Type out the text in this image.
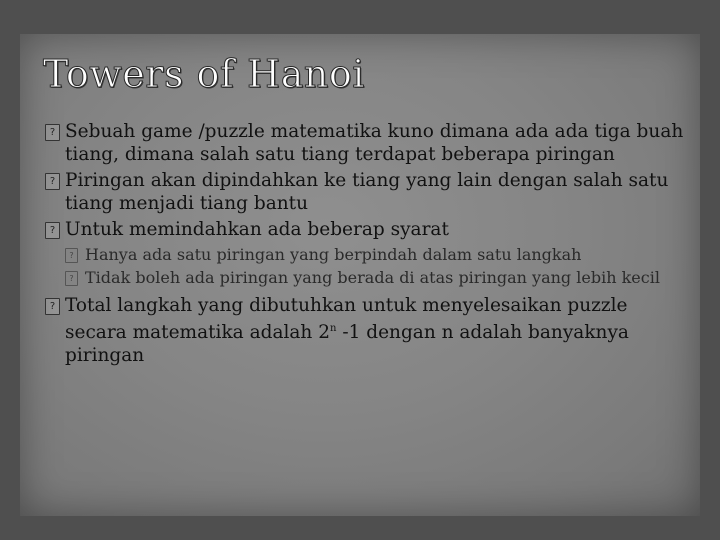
Towers of Hanoi
? Sebuah game /puzzle matematika kuno dimana ada ada tiga buah tiang, dimana salah satu tiang terdapat beberapa piringan
? Piringan akan dipindahkan ke tiang yang lain dengan salah satu tiang menjadi tiang bantu
? Untuk memindahkan ada beberap syarat
? Hanya ada satu piringan yang berpindah dalam satu langkah
? Tidak boleh ada piringan yang berada di atas piringan yang lebih kecil
? Total langkah yang dibutuhkan untuk menyelesaikan puzzle secara matematika adalah 2$^n$ -1 dengan n adalah banyaknya piringan
